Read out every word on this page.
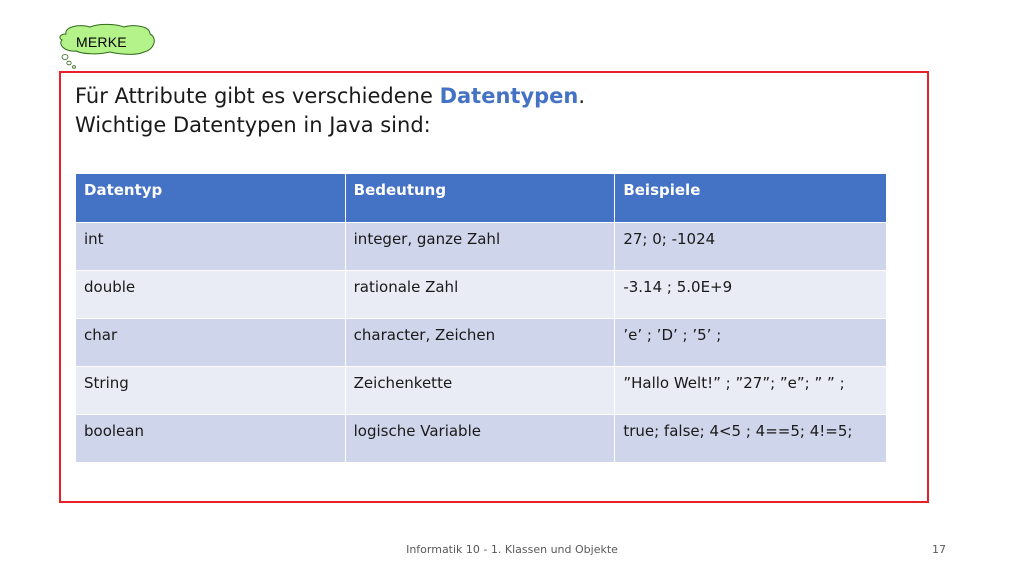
MERKE
Für Attribute gibt es verschiedene Datentypen.
Wichtige Datentypen in Java sind:
Datentyp	Bedeutung	Beispiele
int	integer, ganze Zahl	27; 0; -1024
double	rationale Zahl	-3.14 ; 5.0E+9
char	character, Zeichen	’e’ ; ’D’ ; ’5’ ;
String	Zeichenkette	”Hallo Welt!” ; ”27”; ”e”; ” ” ;
boolean	logische Variable	true; false; 4<5 ; 4==5; 4!=5;
Informatik 10 - 1. Klassen und Objekte	17
